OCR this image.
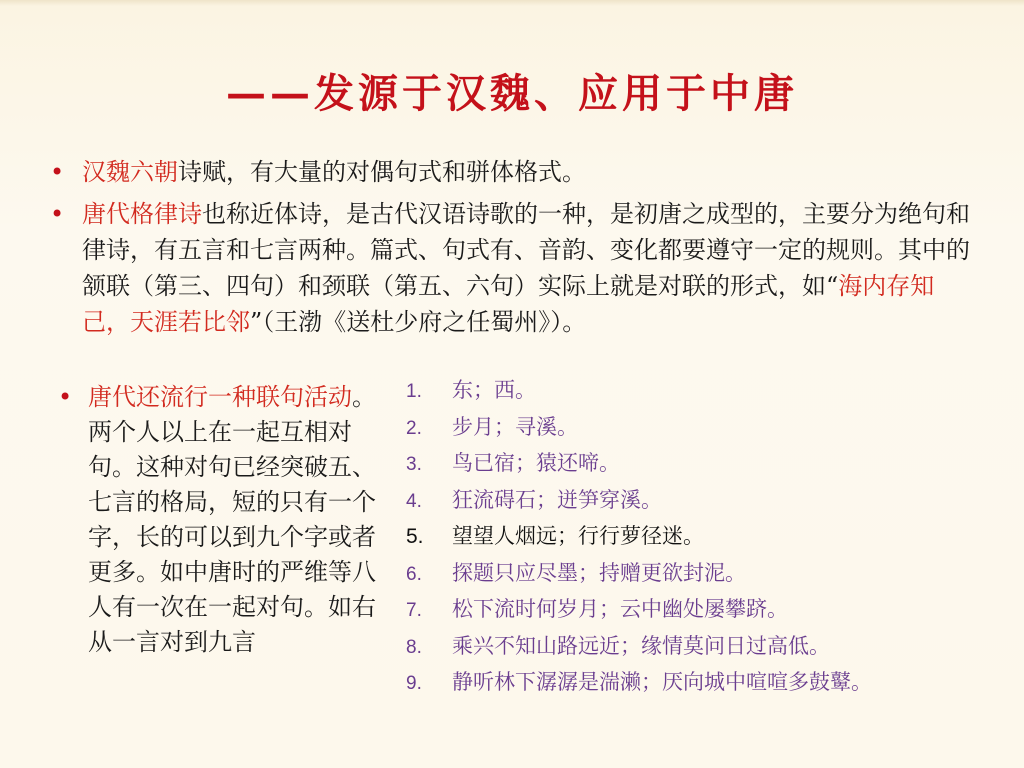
——发源于汉魏、应用于中唐
• 汉魏六朝诗赋，有大量的对偶句式和骈体格式。
• 唐代格律诗也称近体诗，是古代汉语诗歌的一种，是初唐之成型的，主要分为绝句和律诗，有五言和七言两种。篇式、句式有、音韵、变化都要遵守一定的规则。其中的颔联（第三、四句）和颈联（第五、六句）实际上就是对联的形式，如“海内存知己，天涯若比邻”（王渤《送杜少府之任蜀州》）。
• 唐代还流行一种联句活动。两个人以上在一起互相对句。这种对句已经突破五、七言的格局，短的只有一个字，长的可以到九个字或者更多。如中唐时的严维等八人有一次在一起对句。如右从一言对到九言
1. 东；西。
2. 步月；寻溪。
3. 鸟已宿；猿还啼。
4. 狂流碍石；迸笋穿溪。
5. 望望人烟远；行行萝径迷。
6. 探题只应尽墨；持赠更欲封泥。
7. 松下流时何岁月；云中幽处屡攀跻。
8. 乘兴不知山路远近；缘情莫问日过高低。
9. 静听林下潺潺是湍濑；厌向城中喧喧多鼓鼙。
